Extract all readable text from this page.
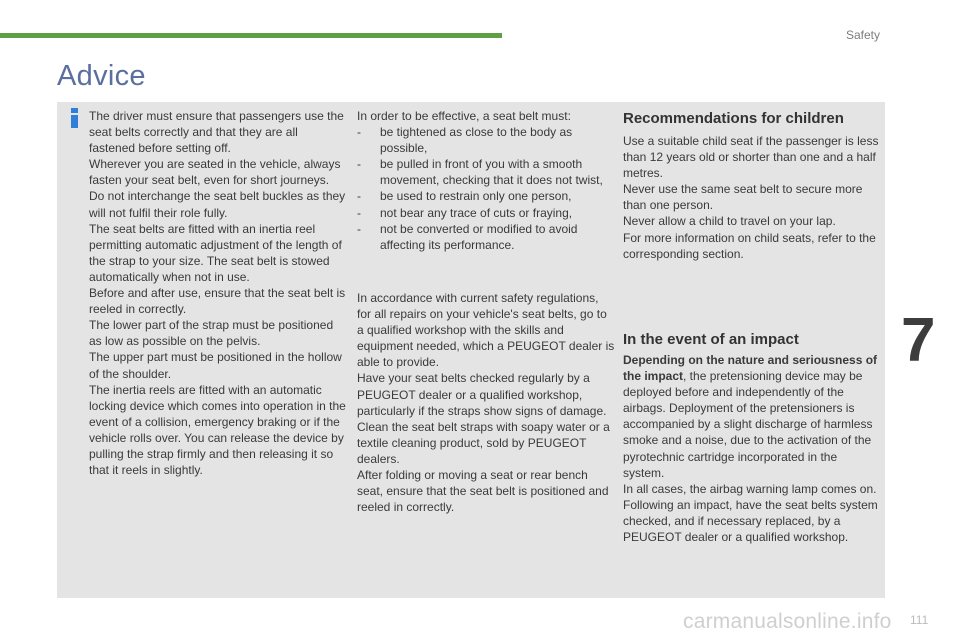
Safety
Advice

The driver must ensure that passengers use the seat belts correctly and that they are all fastened before setting off.
Wherever you are seated in the vehicle, always fasten your seat belt, even for short journeys.
Do not interchange the seat belt buckles as they will not fulfil their role fully.
The seat belts are fitted with an inertia reel permitting automatic adjustment of the length of the strap to your size. The seat belt is stowed automatically when not in use.
Before and after use, ensure that the seat belt is reeled in correctly.
The lower part of the strap must be positioned as low as possible on the pelvis.
The upper part must be positioned in the hollow of the shoulder.
The inertia reels are fitted with an automatic locking device which comes into operation in the event of a collision, emergency braking or if the vehicle rolls over. You can release the device by pulling the strap firmly and then releasing it so that it reels in slightly.

In order to be effective, a seat belt must:

- be tightened as close to the body as possible,
- be pulled in front of you with a smooth movement, checking that it does not twist,
- be used to restrain only one person,
- not bear any trace of cuts or fraying,
- not be converted or modified to avoid affecting its performance.

In accordance with current safety regulations, for all repairs on your vehicle's seat belts, go to a qualified workshop with the skills and equipment needed, which a PEUGEOT dealer is able to provide.
Have your seat belts checked regularly by a PEUGEOT dealer or a qualified workshop, particularly if the straps show signs of damage.
Clean the seat belt straps with soapy water or a textile cleaning product, sold by PEUGEOT dealers.
After folding or moving a seat or rear bench seat, ensure that the seat belt is positioned and reeled in correctly.

Recommendations for children

Use a suitable child seat if the passenger is less than 12 years old or shorter than one and a half metres.
Never use the same seat belt to secure more than one person.
Never allow a child to travel on your lap.
For more information on child seats, refer to the corresponding section.

In the event of an impact

Depending on the nature and seriousness of the impact, the pretensioning device may be deployed before and independently of the airbags. Deployment of the pretensioners is accompanied by a slight discharge of harmless smoke and a noise, due to the activation of the pyrotechnic cartridge incorporated in the system.
In all cases, the airbag warning lamp comes on.
Following an impact, have the seat belts system checked, and if necessary replaced, by a PEUGEOT dealer or a qualified workshop.

7
carmanualsonline.info 111
